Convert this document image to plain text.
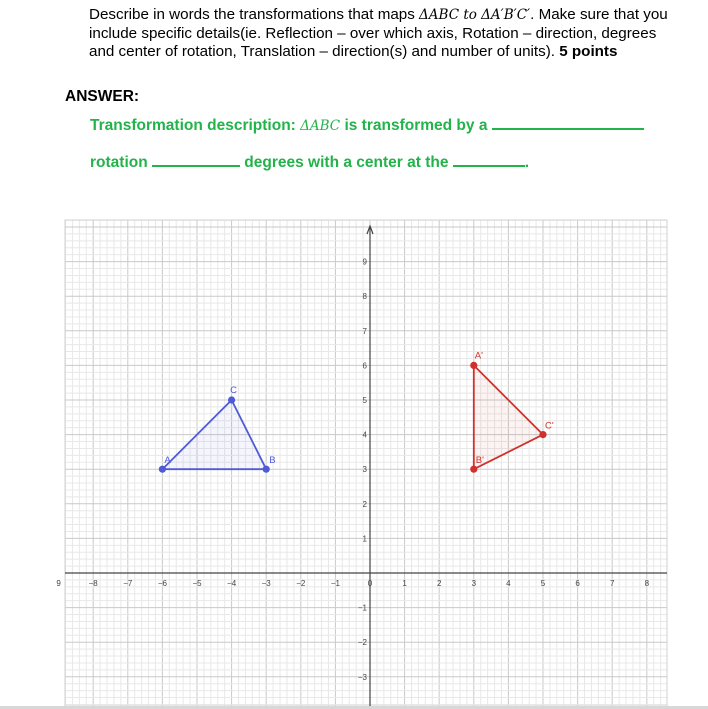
Describe in words the transformations that maps ΔABC to ΔA′B′C′. Make sure that you include specific details(ie. Reflection – over which axis, Rotation – direction, degrees and center of rotation, Translation – direction(s) and number of units). 5 points
ANSWER:
Transformation description: ΔABC is transformed by a
rotation	degrees with a center at the	.
9	−8	−7	−6	−5	−4	−3	−2	−1	0	1	2	3	4	5	6	7	8
−3
−2
−1
1
2
3
4
5
6
7
8
9
A	B
C
A'
B'
C'
